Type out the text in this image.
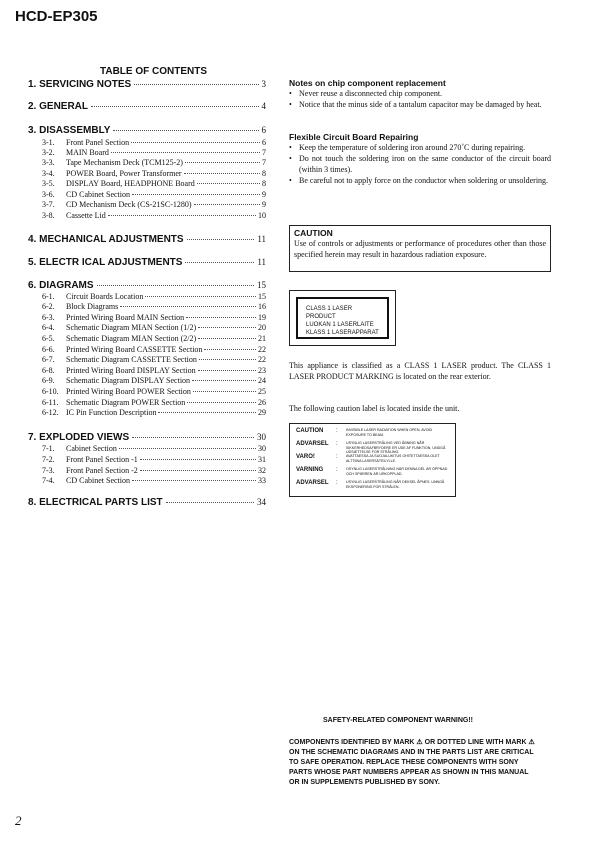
HCD-EP305
TABLE OF CONTENTS
1. SERVICING NOTES	3
2. GENERAL	4
3. DISASSEMBLY	6
3-1.	Front Panel Section	6
3-2.	MAIN Board	7
3-3.	Tape Mechanism Deck (TCM125-2)	7
3-4.	POWER Board, Power Transformer	8
3-5.	DISPLAY Board, HEADPHONE Board	8
3-6.	CD Cabinet Section	9
3-7.	CD Mechanism Deck (CS-21SC-1280)	9
3-8.	Cassette Lid	10
4. MECHANICAL ADJUSTMENTS	11
5. ELECTR ICAL ADJUSTMENTS	11
6. DIAGRAMS	15
6-1.	Circuit Boards Location	15
6-2.	Block Diagrams	16
6-3.	Printed Wiring Board MAIN Section	19
6-4.	Schematic Diagram MIAN Section (1/2)	20
6-5.	Schematic Diagram MIAN Section (2/2)	21
6-6.	Printed Wiring Board CASSETTE Section	22
6-7.	Schematic Diagram CASSETTE Section	22
6-8.	Printed Wiring Board DISPLAY Section	23
6-9.	Schematic Diagram DISPLAY Section	24
6-10. Printed Wiring Board POWER Section	25
6-11. Schematic Diagram POWER Section	26
6-12. IC Pin Function Description	29
7. EXPLODED VIEWS	30
7-1.	Cabinet Section	30
7-2.	Front Panel Section -1	31
7-3.	Front Panel Section -2	32
7-4.	CD Cabinet Section	33
8. ELECTRICAL PARTS LIST	34
Notes on chip component replacement
• Never reuse a disconnected chip component.
• Notice that the minus side of a tantalum capacitor may be damaged by heat.
Flexible Circuit Board Repairing
• Keep the temperature of soldering iron around 270˚C during repairing.
• Do not touch the soldering iron on the same conductor of the circuit board (within 3 times).
• Be careful not to apply force on the conductor when soldering or unsoldering.
CAUTION
Use of controls or adjustments or performance of procedures other than those specified herein may result in hazardous radiation exposure.
CLASS 1 LASER PRODUCT
LUOKAN 1 LASERLAITE
KLASS 1 LASERAPPARAT
This appliance is classified as a CLASS 1 LASER product. The CLASS 1 LASER PRODUCT MARKING is located on the rear exterior.
The following caution label is located inside the unit.
CAUTION	:	INVISIBLE LASER RADIATION WHEN OPEN. AVOID EXPOSURE TO BEAM.
ADVARSEL	:	USYNLIG LASERSTRÅLING VED ÅBNING NÅR SIKKERHEDSAFBRYDERE ER UDE AF FUNKTION. UNDGÅ UDSÆTTELSE FOR STRÅLING.
VARO!	:	AVATTAESSA JA SUOJALUKITUS OHITETTAESSA OLET ALTTIINA LASERSÄTEILYLLE.
VARNING	:	OSYNLIG LASERSTRÅLNING NÄR DENNA DEL ÄR ÖPPNAD OCH SPÄRREN ÄR URKOPPLAD.
ADVARSEL	:	USYNLIG LASERSTRÅLING NÅR DEKSEL ÅPNES. UNNGÅ EKSPONERING FOR STRÅLEN.
SAFETY-RELATED COMPONENT WARNING!!
COMPONENTS IDENTIFIED BY MARK ⚠ OR DOTTED LINE WITH MARK ⚠ ON THE SCHEMATIC DIAGRAMS AND IN THE PARTS LIST ARE CRITICAL TO SAFE OPERATION. REPLACE THESE COMPONENTS WITH SONY PARTS WHOSE PART NUMBERS APPEAR AS SHOWN IN THIS MANUAL OR IN SUPPLEMENTS PUBLISHED BY SONY.
2
